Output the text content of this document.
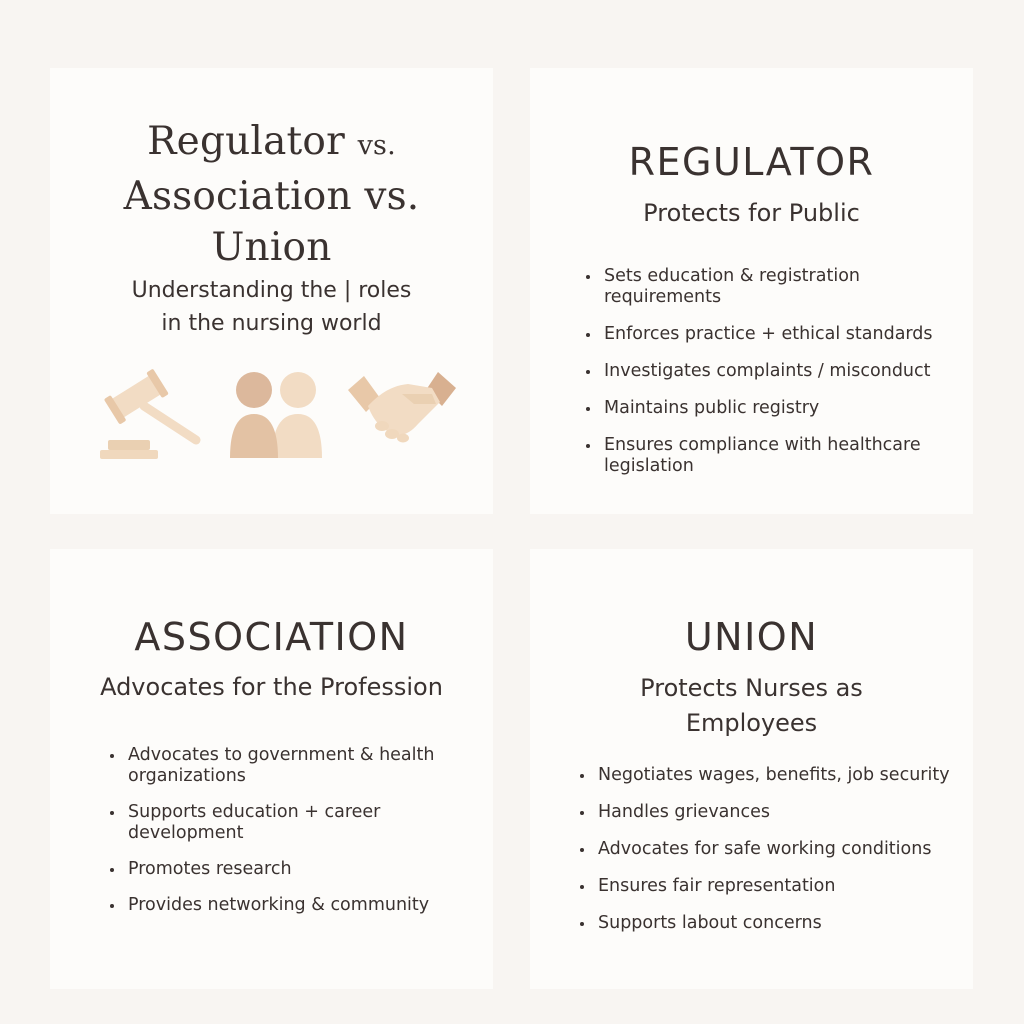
Regulator vs.
Association vs.
Union
Understanding the | roles
in the nursing world
REGULATOR
Protects for Public
Sets education & registration requirements
Enforces practice + ethical standards
Investigates complaints / misconduct
Maintains public registry
Ensures compliance with healthcare legislation
ASSOCIATION
Advocates for the Profession
Advocates to government & health organizations
Supports education + career development
Promotes research
Provides networking & community
UNION
Protects Nurses as
Employees
Negotiates wages, benefits, job security
Handles grievances
Advocates for safe working conditions
Ensures fair representation
Supports labout concerns
